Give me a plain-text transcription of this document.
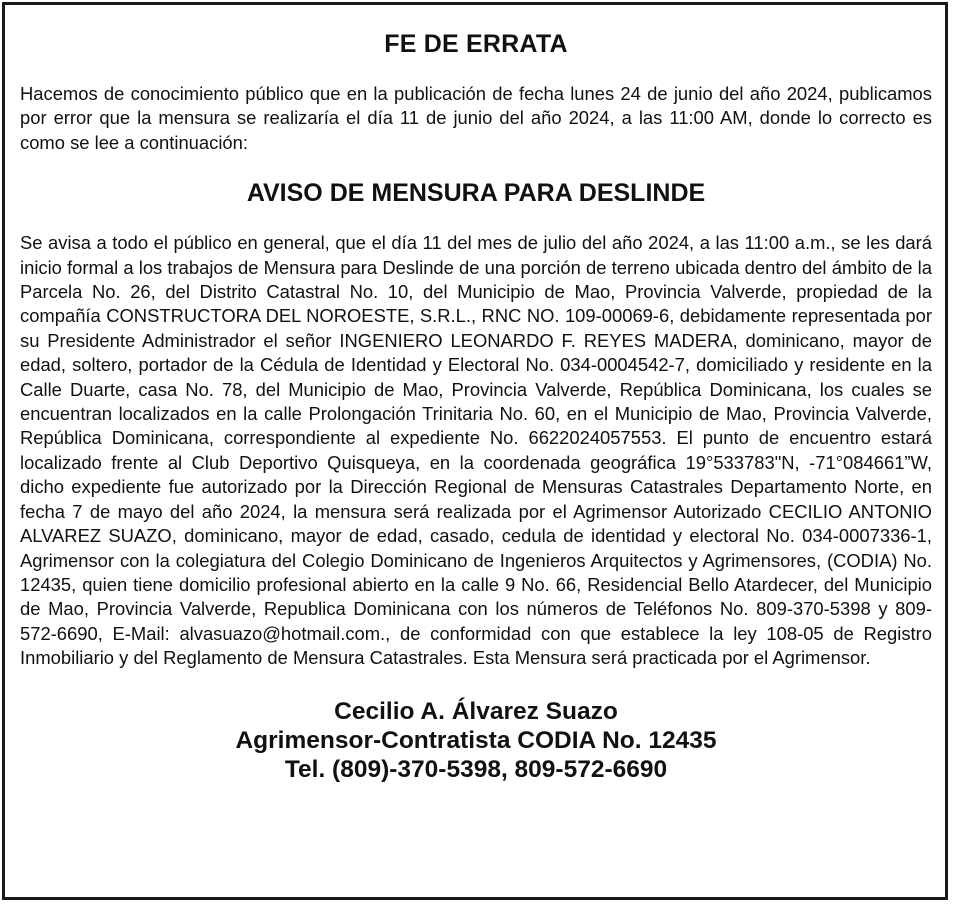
FE DE ERRATA

Hacemos de conocimiento público que en la publicación de fecha lunes 24 de junio del año 2024, publicamos por error que la mensura se realizaría el día 11 de junio del año 2024, a las 11:00 AM, donde lo correcto es como se lee a continuación:

AVISO DE MENSURA PARA DESLINDE

Se avisa a todo el público en general, que el día 11 del mes de julio del año 2024, a las 11:00 a.m., se les dará inicio formal a los trabajos de Mensura para Deslinde de una porción de terreno ubicada dentro del ámbito de la Parcela No. 26, del Distrito Catastral No. 10, del Municipio de Mao, Provincia Valverde, propiedad de la compañía CONSTRUCTORA DEL NOROESTE, S.R.L., RNC NO. 109-00069-6, debidamente representada por su Presidente Administrador el señor INGENIERO LEONARDO F. REYES MADERA, dominicano, mayor de edad, soltero, portador de la Cédula de Identidad y Electoral No. 034-0004542-7, domiciliado y residente en la Calle Duarte, casa No. 78, del Municipio de Mao, Provincia Valverde, República Dominicana, los cuales se encuentran localizados en la calle Prolongación Trinitaria No. 60, en el Municipio de Mao, Provincia Valverde, República Dominicana, correspondiente al expediente No. 6622024057553. El punto de encuentro estará localizado frente al Club Deportivo Quisqueya, en la coordenada geográfica 19°533783"N, -71°084661”W, dicho expediente fue autorizado por la Dirección Regional de Mensuras Catastrales Departamento Norte, en fecha 7 de mayo del año 2024, la mensura será realizada por el Agrimensor Autorizado CECILIO ANTONIO ALVAREZ SUAZO, dominicano, mayor de edad, casado, cedula de identidad y electoral No. 034-0007336-1, Agrimensor con la colegiatura del Colegio Dominicano de Ingenieros Arquitectos y Agrimensores, (CODIA) No. 12435, quien tiene domicilio profesional abierto en la calle 9 No. 66, Residencial Bello Atardecer, del Municipio de Mao, Provincia Valverde, Republica Dominicana con los números de Teléfonos No. 809-370-5398 y 809-572-6690, E-Mail: alvasuazo@hotmail.com., de conformidad con que establece la ley 108-05 de Registro Inmobiliario y del Reglamento de Mensura Catastrales. Esta Mensura será practicada por el Agrimensor.

Cecilio A. Álvarez Suazo
Agrimensor-Contratista CODIA No. 12435
Tel. (809)-370-5398, 809-572-6690
